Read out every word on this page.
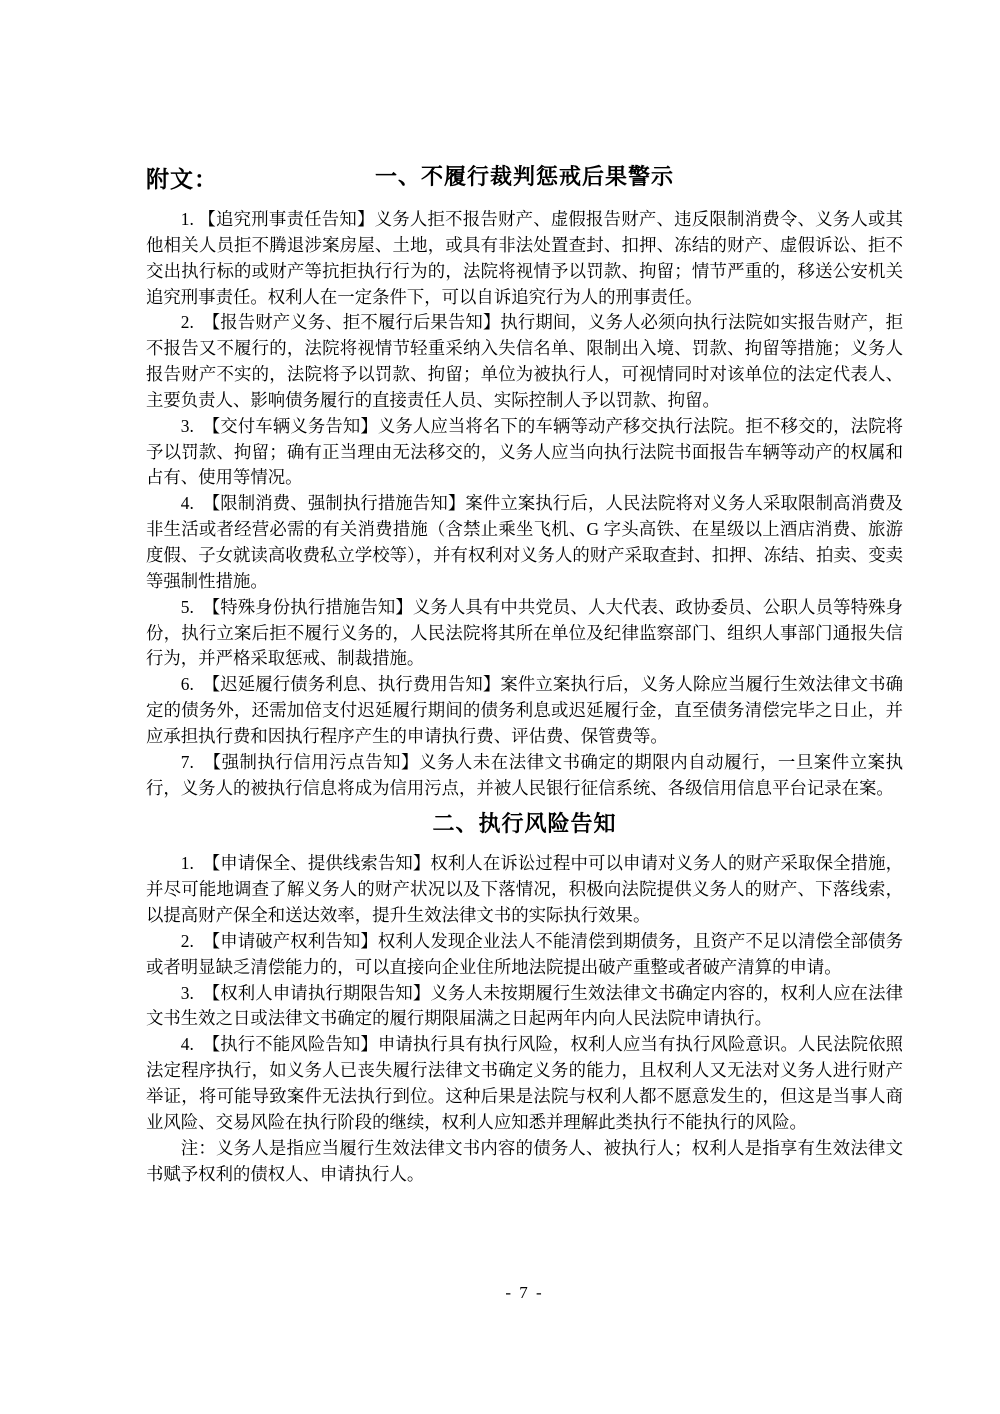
附文：	一、不履行裁判惩戒后果警示

1. 【追究刑事责任告知】义务人拒不报告财产、虚假报告财产、违反限制消费令、义务人或其他相关人员拒不腾退涉案房屋、土地，或具有非法处置查封、扣押、冻结的财产、虚假诉讼、拒不交出执行标的或财产等抗拒执行行为的，法院将视情予以罚款、拘留；情节严重的，移送公安机关追究刑事责任。权利人在一定条件下，可以自诉追究行为人的刑事责任。

2.　【报告财产义务、拒不履行后果告知】执行期间，义务人必须向执行法院如实报告财产，拒不报告又不履行的，法院将视情节轻重采纳入失信名单、限制出入境、罚款、拘留等措施；义务人报告财产不实的，法院将予以罚款、拘留；单位为被执行人，可视情同时对该单位的法定代表人、主要负责人、影响债务履行的直接责任人员、实际控制人予以罚款、拘留。

3.　【交付车辆义务告知】义务人应当将名下的车辆等动产移交执行法院。拒不移交的，法院将予以罚款、拘留；确有正当理由无法移交的，义务人应当向执行法院书面报告车辆等动产的权属和占有、使用等情况。

4.　【限制消费、强制执行措施告知】案件立案执行后，人民法院将对义务人采取限制高消费及非生活或者经营必需的有关消费措施（含禁止乘坐飞机、G 字头高铁、在星级以上酒店消费、旅游度假、子女就读高收费私立学校等），并有权利对义务人的财产采取查封、扣押、冻结、拍卖、变卖等强制性措施。

5.　【特殊身份执行措施告知】义务人具有中共党员、人大代表、政协委员、公职人员等特殊身份，执行立案后拒不履行义务的，人民法院将其所在单位及纪律监察部门、组织人事部门通报失信行为，并严格采取惩戒、制裁措施。

6.　【迟延履行债务利息、执行费用告知】案件立案执行后，义务人除应当履行生效法律文书确定的债务外，还需加倍支付迟延履行期间的债务利息或迟延履行金，直至债务清偿完毕之日止，并应承担执行费和因执行程序产生的申请执行费、评估费、保管费等。

7.　【强制执行信用污点告知】义务人未在法律文书确定的期限内自动履行，一旦案件立案执行，义务人的被执行信息将成为信用污点，并被人民银行征信系统、各级信用信息平台记录在案。

二、执行风险告知

1.　【申请保全、提供线索告知】权利人在诉讼过程中可以申请对义务人的财产采取保全措施，并尽可能地调查了解义务人的财产状况以及下落情况，积极向法院提供义务人的财产、下落线索，以提高财产保全和送达效率，提升生效法律文书的实际执行效果。

2.　【申请破产权利告知】权利人发现企业法人不能清偿到期债务，且资产不足以清偿全部债务或者明显缺乏清偿能力的，可以直接向企业住所地法院提出破产重整或者破产清算的申请。

3.　【权利人申请执行期限告知】义务人未按期履行生效法律文书确定内容的，权利人应在法律文书生效之日或法律文书确定的履行期限届满之日起两年内向人民法院申请执行。

4.　【执行不能风险告知】申请执行具有执行风险，权利人应当有执行风险意识。人民法院依照法定程序执行，如义务人已丧失履行法律文书确定义务的能力，且权利人又无法对义务人进行财产举证，将可能导致案件无法执行到位。这种后果是法院与权利人都不愿意发生的，但这是当事人商业风险、交易风险在执行阶段的继续，权利人应知悉并理解此类执行不能执行的风险。

注：义务人是指应当履行生效法律文书内容的债务人、被执行人；权利人是指享有生效法律文书赋予权利的债权人、申请执行人。

- 7 -
